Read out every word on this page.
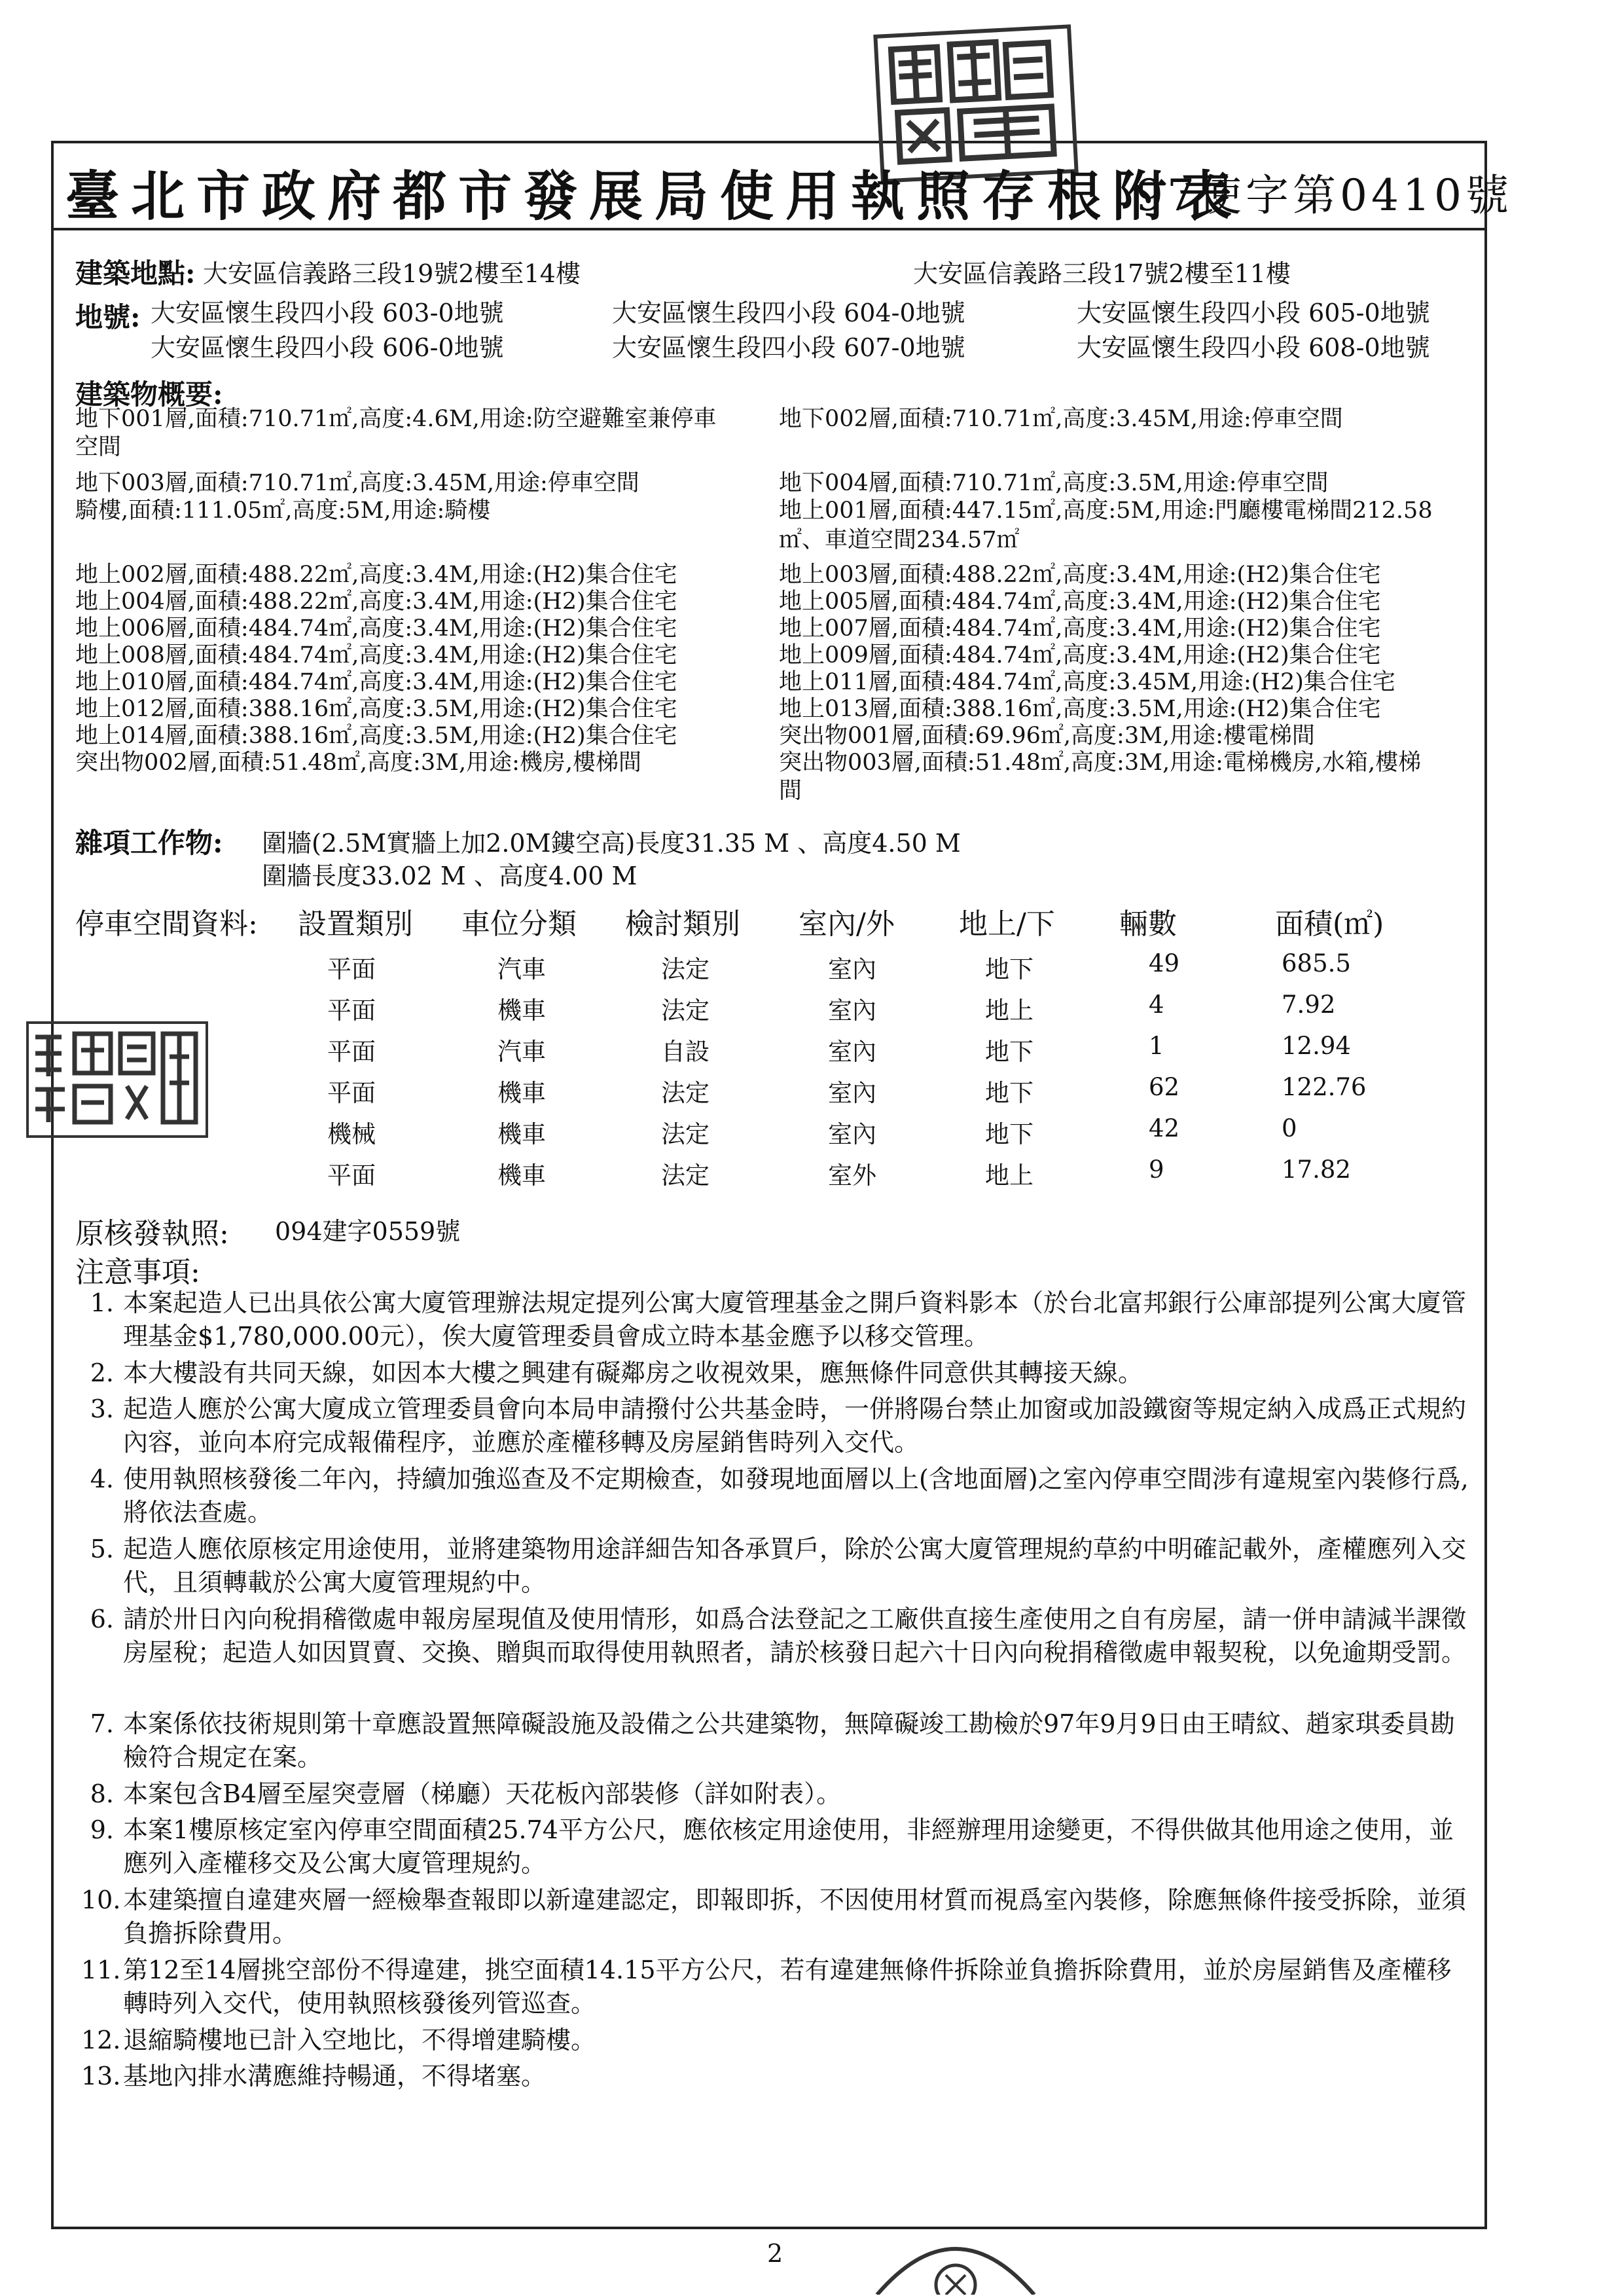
臺北市政府都市發展局使用執照存根附表
97使字第0410號
建築地點: 大安區信義路三段19號2樓至14樓	大安區信義路三段17號2樓至11樓
地號: 大安區懷生段四小段 603-0地號	大安區懷生段四小段 604-0地號	大安區懷生段四小段 605-0地號
大安區懷生段四小段 606-0地號	大安區懷生段四小段 607-0地號	大安區懷生段四小段 608-0地號
建築物概要:
地下001層,面積:710.71㎡,高度:4.6M,用途:防空避難室兼停車
空間
地下002層,面積:710.71㎡,高度:3.45M,用途:停車空間
地下003層,面積:710.71㎡,高度:3.45M,用途:停車空間	地下004層,面積:710.71㎡,高度:3.5M,用途:停車空間
騎樓,面積:111.05㎡,高度:5M,用途:騎樓	地上001層,面積:447.15㎡,高度:5M,用途:門廳樓電梯間212.58
㎡、車道空間234.57㎡
地上002層,面積:488.22㎡,高度:3.4M,用途:(H2)集合住宅	地上003層,面積:488.22㎡,高度:3.4M,用途:(H2)集合住宅
地上004層,面積:488.22㎡,高度:3.4M,用途:(H2)集合住宅	地上005層,面積:484.74㎡,高度:3.4M,用途:(H2)集合住宅
地上006層,面積:484.74㎡,高度:3.4M,用途:(H2)集合住宅	地上007層,面積:484.74㎡,高度:3.4M,用途:(H2)集合住宅
地上008層,面積:484.74㎡,高度:3.4M,用途:(H2)集合住宅	地上009層,面積:484.74㎡,高度:3.4M,用途:(H2)集合住宅
地上010層,面積:484.74㎡,高度:3.4M,用途:(H2)集合住宅	地上011層,面積:484.74㎡,高度:3.45M,用途:(H2)集合住宅
地上012層,面積:388.16㎡,高度:3.5M,用途:(H2)集合住宅	地上013層,面積:388.16㎡,高度:3.5M,用途:(H2)集合住宅
地上014層,面積:388.16㎡,高度:3.5M,用途:(H2)集合住宅	突出物001層,面積:69.96㎡,高度:3M,用途:樓電梯間
突出物002層,面積:51.48㎡,高度:3M,用途:機房,樓梯間	突出物003層,面積:51.48㎡,高度:3M,用途:電梯機房,水箱,樓梯
間
雜項工作物: 圍牆(2.5M實牆上加2.0M鏤空高)長度31.35 M 、高度4.50 M
圍牆長度33.02 M 、高度4.00 M
停車空間資料: 設置類別 車位分類 檢討類別 室內/外 地上/下 輛數	面積(㎡)
平面	汽車	法定	室內	地下	49	685.5
平面	機車	法定	室內	地上	4	7.92
平面	汽車	自設	室內	地下	1	12.94
平面	機車	法定	室內	地下	62	122.76
機械	機車	法定	室內	地下	42	0
平面	機車	法定	室外	地上	9	17.82
原核發執照: 094建字0559號
注意事項:
1. 本案起造人已出具依公寓大廈管理辦法規定提列公寓大廈管理基金之開戶資料影本（於台北富邦銀行公庫部提列公寓大廈管理基金$1,780,000.00元），俟大廈管理委員會成立時本基金應予以移交管理。
2. 本大樓設有共同天線，如因本大樓之興建有礙鄰房之收視效果，應無條件同意供其轉接天線。
3. 起造人應於公寓大廈成立管理委員會向本局申請撥付公共基金時，一併將陽台禁止加窗或加設鐵窗等規定納入成爲正式規約內容，並向本府完成報備程序，並應於產權移轉及房屋銷售時列入交代。
4. 使用執照核發後二年內，持續加強巡查及不定期檢查，如發現地面層以上(含地面層)之室內停車空間涉有違規室內裝修行爲,將依法查處。
5. 起造人應依原核定用途使用，並將建築物用途詳細告知各承買戶，除於公寓大廈管理規約草約中明確記載外，產權應列入交代，且須轉載於公寓大廈管理規約中。
6. 請於卅日內向稅捐稽徵處申報房屋現值及使用情形，如爲合法登記之工廠供直接生產使用之自有房屋，請一併申請減半課徵房屋稅；起造人如因買賣、交換、贈與而取得使用執照者，請於核發日起六十日內向稅捐稽徵處申報契稅，以免逾期受罰。
7. 本案係依技術規則第十章應設置無障礙設施及設備之公共建築物，無障礙竣工勘檢於97年9月9日由王晴紋、趙家琪委員勘檢符合規定在案。
8. 本案包含B4層至屋突壹層（梯廳）天花板內部裝修（詳如附表）。
9. 本案1樓原核定室內停車空間面積25.74平方公尺，應依核定用途使用，非經辦理用途變更，不得供做其他用途之使用，並應列入產權移交及公寓大廈管理規約。
10. 本建築擅自違建夾層一經檢舉查報即以新違建認定，即報即拆，不因使用材質而視爲室內裝修，除應無條件接受拆除，並須負擔拆除費用。
11. 第12至14層挑空部份不得違建，挑空面積14.15平方公尺，若有違建無條件拆除並負擔拆除費用，並於房屋銷售及產權移轉時列入交代，使用執照核發後列管巡查。
12. 退縮騎樓地已計入空地比，不得增建騎樓。
13. 基地內排水溝應維持暢通，不得堵塞。
2
